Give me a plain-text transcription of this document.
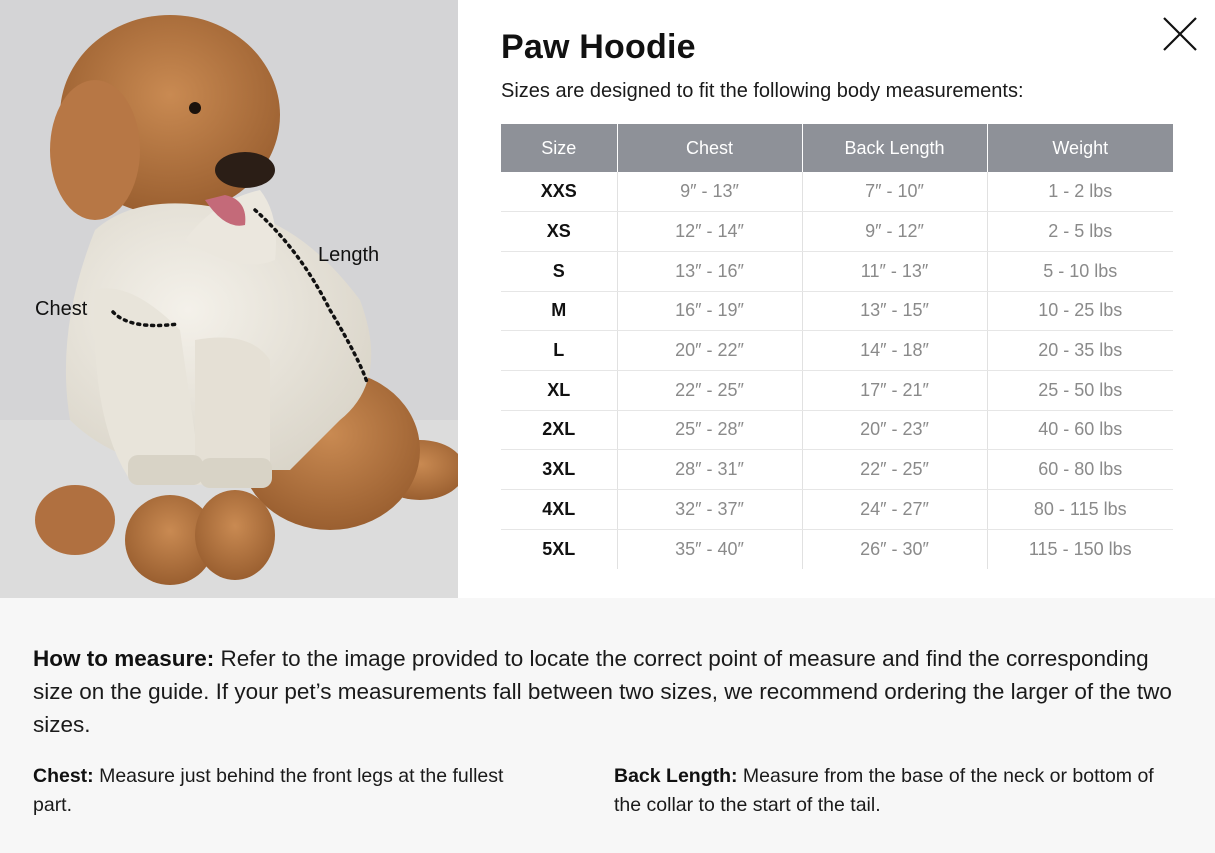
Chest
Length
Paw Hoodie

Sizes are designed to fit the following body measurements:

Size	Chest	Back Length	Weight
XXS	9″ - 13″	7″ - 10″	1 - 2 lbs
XS	12″ - 14″	9″ - 12″	2 - 5 lbs
S	13″ - 16″	11″ - 13″	5 - 10 lbs
M	16″ - 19″	13″ - 15″	10 - 25 lbs
L	20″ - 22″	14″ - 18″	20 - 35 lbs
XL	22″ - 25″	17″ - 21″	25 - 50 lbs
2XL	25″ - 28″	20″ - 23″	40 - 60 lbs
3XL	28″ - 31″	22″ - 25″	60 - 80 lbs
4XL	32″ - 37″	24″ - 27″	80 - 115 lbs
5XL	35″ - 40″	26″ - 30″	115 - 150 lbs

How to measure: Refer to the image provided to locate the correct point of measure and find the corresponding size on the guide. If your pet’s measurements fall between two sizes, we recommend ordering the larger of the two sizes.

Chest: Measure just behind the front legs at the fullest part.

Back Length: Measure from the base of the neck or bottom of the collar to the start of the tail.
